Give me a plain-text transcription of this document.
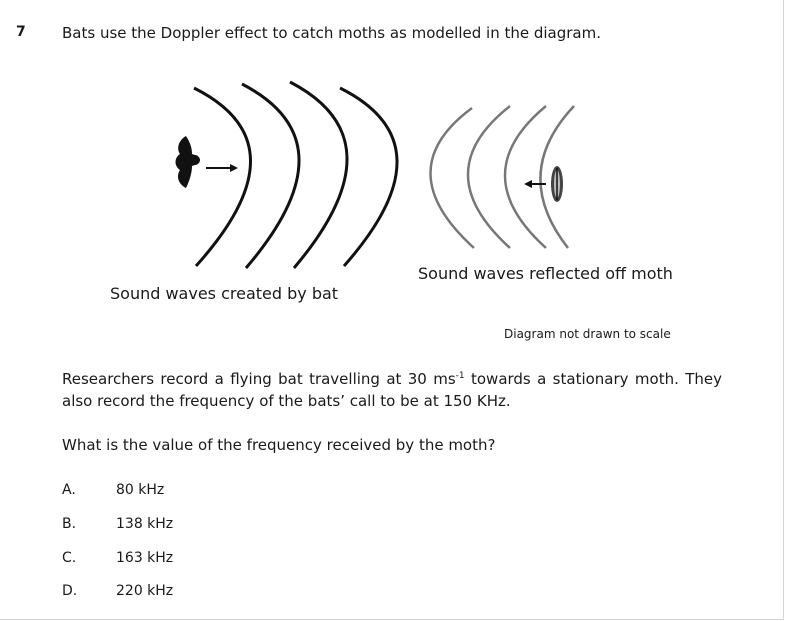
7 Bats use the Doppler effect to catch moths as modelled in the diagram.
Sound waves created by bat
Sound waves reflected off moth
Diagram not drawn to scale
Researchers record a flying bat travelling at 30 $ms^{-1}$ towards a stationary moth. They also record the frequency of the bats’ call to be at 150 KHz.
What is the value of the frequency received by the moth?
A.	80 kHz
B.	138 kHz
C.	163 kHz
D.	220 kHz
